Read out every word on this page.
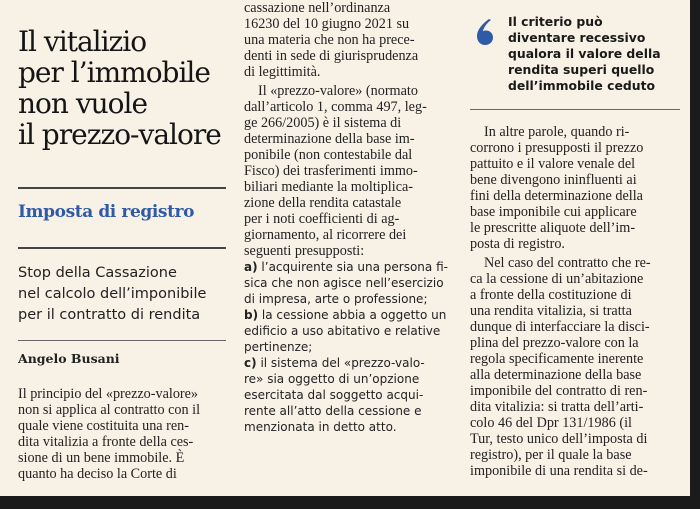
Il vitalizio
per l’immobile
non vuole
il prezzo-valore
Imposta di registro
Stop della Cassazione
nel calcolo dell’imponibile
per il contratto di rendita
Angelo Busani

Il principio del «prezzo-valore»
non si applica al contratto con il
quale viene costituita una ren-
dita vitalizia a fronte della ces-
sione di un bene immobile. È
quanto ha deciso la Corte di

cassazione nell’ordinanza
16230 del 10 giugno 2021 su
una materia che non ha prece-
denti in sede di giurisprudenza
di legittimità.

Il «prezzo-valore» (normato
dall’articolo 1, comma 497, leg-
ge 266/2005) è il sistema di
determinazione della base im-
ponibile (non contestabile dal
Fisco) dei trasferimenti immo-
biliari mediante la moltiplica-
zione della rendita catastale
per i noti coefficienti di ag-
giornamento, al ricorrere dei
seguenti presupposti:

a) l’acquirente sia una persona fi-
sica che non agisce nell’esercizio
di impresa, arte o professione;
b) la cessione abbia a oggetto un
edificio a uso abitativo e relative
pertinenze;
c) il sistema del «prezzo-valo-
re» sia oggetto di un’opzione
esercitata dal soggetto acqui-
rente all’atto della cessione e
menzionata in detto atto.

Il criterio può
diventare recessivo
qualora il valore della
rendita superi quello
dell’immobile ceduto

In altre parole, quando ri-
corrono i presupposti il prezzo
pattuito e il valore venale del
bene divengono ininfluenti ai
fini della determinazione della
base imponibile cui applicare
le prescritte aliquote dell’im-
posta di registro.

Nel caso del contratto che re-
ca la cessione di un’abitazione
a fronte della costituzione di
una rendita vitalizia, si tratta
dunque di interfacciare la disci-
plina del prezzo-valore con la
regola specificamente inerente
alla determinazione della base
imponibile del contratto di ren-
dita vitalizia: si tratta dell’arti-
colo 46 del Dpr 131/1986 (il
Tur, testo unico dell’imposta di
registro), per il quale la base
imponibile di una rendita si de-
